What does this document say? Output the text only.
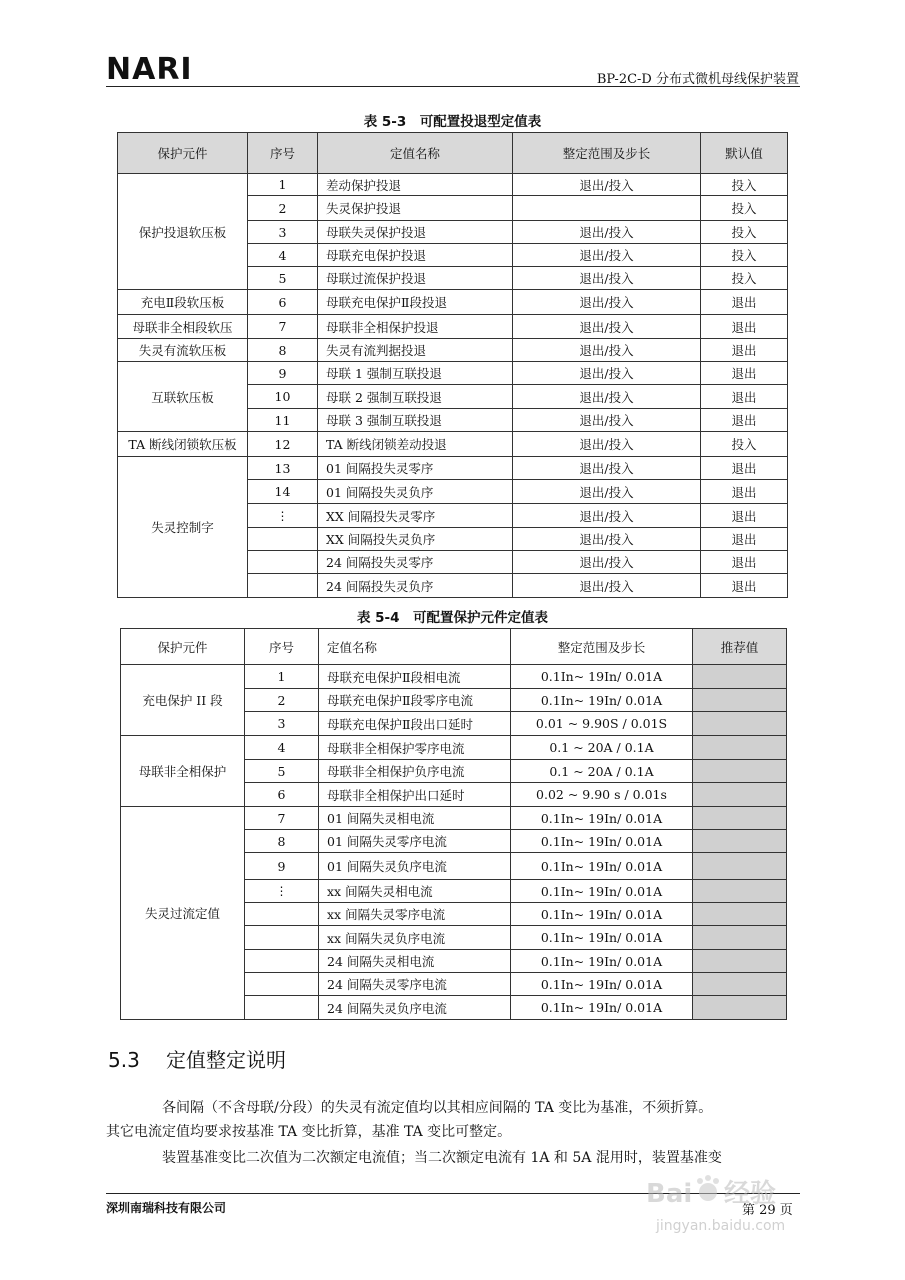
NARI	BP-2C-D 分布式微机母线保护装置
表 5-3　可配置投退型定值表
保护元件	序号	定值名称	整定范围及步长	默认值
保护投退软压板	1	差动保护投退	退出/投入	投入
	2	失灵保护投退		投入
	3	母联失灵保护投退	退出/投入	投入
	4	母联充电保护投退	退出/投入	投入
	5	母联过流保护投退	退出/投入	投入
充电Ⅱ段软压板	6	母联充电保护Ⅱ段投退	退出/投入	退出
母联非全相段软压	7	母联非全相保护投退	退出/投入	退出
失灵有流软压板	8	失灵有流判据投退	退出/投入	退出
互联软压板	9	母联 1 强制互联投退	退出/投入	退出
	10	母联 2 强制互联投退	退出/投入	退出
	11	母联 3 强制互联投退	退出/投入	退出
TA 断线闭锁软压板	12	TA 断线闭锁差动投退	退出/投入	投入
失灵控制字	13	01 间隔投失灵零序	退出/投入	退出
	14	01 间隔投失灵负序	退出/投入	退出
	⋮	XX 间隔投失灵零序	退出/投入	退出
		XX 间隔投失灵负序	退出/投入	退出
		24 间隔投失灵零序	退出/投入	退出
		24 间隔投失灵负序	退出/投入	退出
表 5-4　可配置保护元件定值表
保护元件	序号	定值名称	整定范围及步长	推荐值
充电保护 II 段	1	母联充电保护Ⅱ段相电流	0.1In~ 19In/ 0.01A	
	2	母联充电保护Ⅱ段零序电流	0.1In~ 19In/ 0.01A	
	3	母联充电保护Ⅱ段出口延时	0.01 ~ 9.90S / 0.01S	
母联非全相保护	4	母联非全相保护零序电流	0.1 ~ 20A / 0.1A	
	5	母联非全相保护负序电流	0.1 ~ 20A / 0.1A	
	6	母联非全相保护出口延时	0.02 ~ 9.90 s / 0.01s	
失灵过流定值	7	01 间隔失灵相电流	0.1In~ 19In/ 0.01A	
	8	01 间隔失灵零序电流	0.1In~ 19In/ 0.01A	
	9	01 间隔失灵负序电流	0.1In~ 19In/ 0.01A	
	⋮	xx 间隔失灵相电流	0.1In~ 19In/ 0.01A	
		xx 间隔失灵零序电流	0.1In~ 19In/ 0.01A	
		xx 间隔失灵负序电流	0.1In~ 19In/ 0.01A	
		24 间隔失灵相电流	0.1In~ 19In/ 0.01A	
		24 间隔失灵零序电流	0.1In~ 19In/ 0.01A	
		24 间隔失灵负序电流	0.1In~ 19In/ 0.01A	
5.3 定值整定说明
各间隔（不含母联/分段）的失灵有流定值均以其相应间隔的 TA 变比为基准，不须折算。
其它电流定值均要求按基准 TA 变比折算，基准 TA 变比可整定。
装置基准变比二次值为二次额定电流值；当二次额定电流有 1A 和 5A 混用时，装置基准变
深圳南瑞科技有限公司	第 29 页
Bai 经验
jingyan.baidu.com
